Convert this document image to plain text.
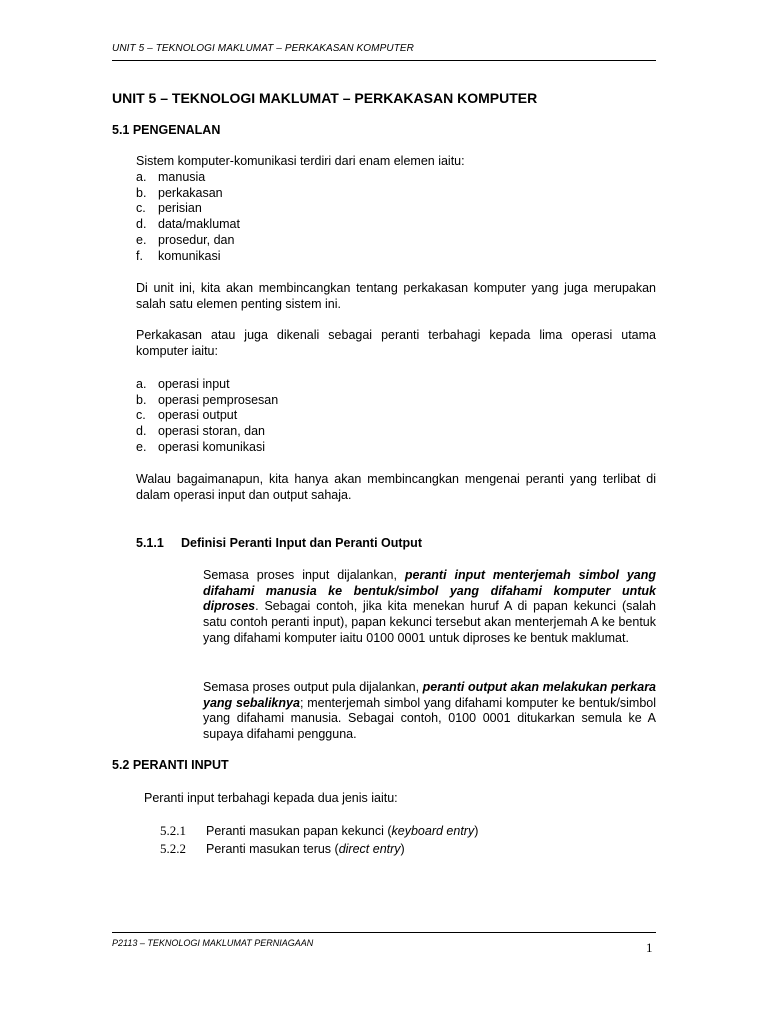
UNIT 5 – TEKNOLOGI MAKLUMAT – PERKAKASAN KOMPUTER
UNIT 5 – TEKNOLOGI MAKLUMAT – PERKAKASAN KOMPUTER
5.1 PENGENALAN

Sistem komputer-komunikasi terdiri dari enam elemen iaitu:

a. manusia
b. perkakasan
c. perisian
d. data/maklumat
e. prosedur, dan
f. komunikasi

Di unit ini, kita akan membincangkan tentang perkakasan komputer yang juga merupakan salah satu elemen penting sistem ini.

Perkakasan atau juga dikenali sebagai peranti terbahagi kepada lima operasi utama komputer iaitu:

a. operasi input
b. operasi pemprosesan
c. operasi output
d. operasi storan, dan
e. operasi komunikasi

Walau bagaimanapun, kita hanya akan membincangkan mengenai peranti yang terlibat di dalam operasi input dan output sahaja.

5.1.1 Definisi Peranti Input dan Peranti Output

Semasa proses input dijalankan, peranti input menterjemah simbol yang difahami manusia ke bentuk/simbol yang difahami komputer untuk diproses. Sebagai contoh, jika kita menekan huruf A di papan kekunci (salah satu contoh peranti input), papan kekunci tersebut akan menterjemah A ke bentuk yang difahami komputer iaitu 0100 0001 untuk diproses ke bentuk maklumat.

Semasa proses output pula dijalankan, peranti output akan melakukan perkara yang sebaliknya; menterjemah simbol yang difahami komputer ke bentuk/simbol yang difahami manusia. Sebagai contoh, 0100 0001 ditukarkan semula ke A supaya difahami pengguna.

5.2 PERANTI INPUT

Peranti input terbahagi kepada dua jenis iaitu:

5.2.1 Peranti masukan papan kekunci (keyboard entry)
5.2.2 Peranti masukan terus (direct entry)
P2113 – TEKNOLOGI MAKLUMAT PERNIAGAAN	1
